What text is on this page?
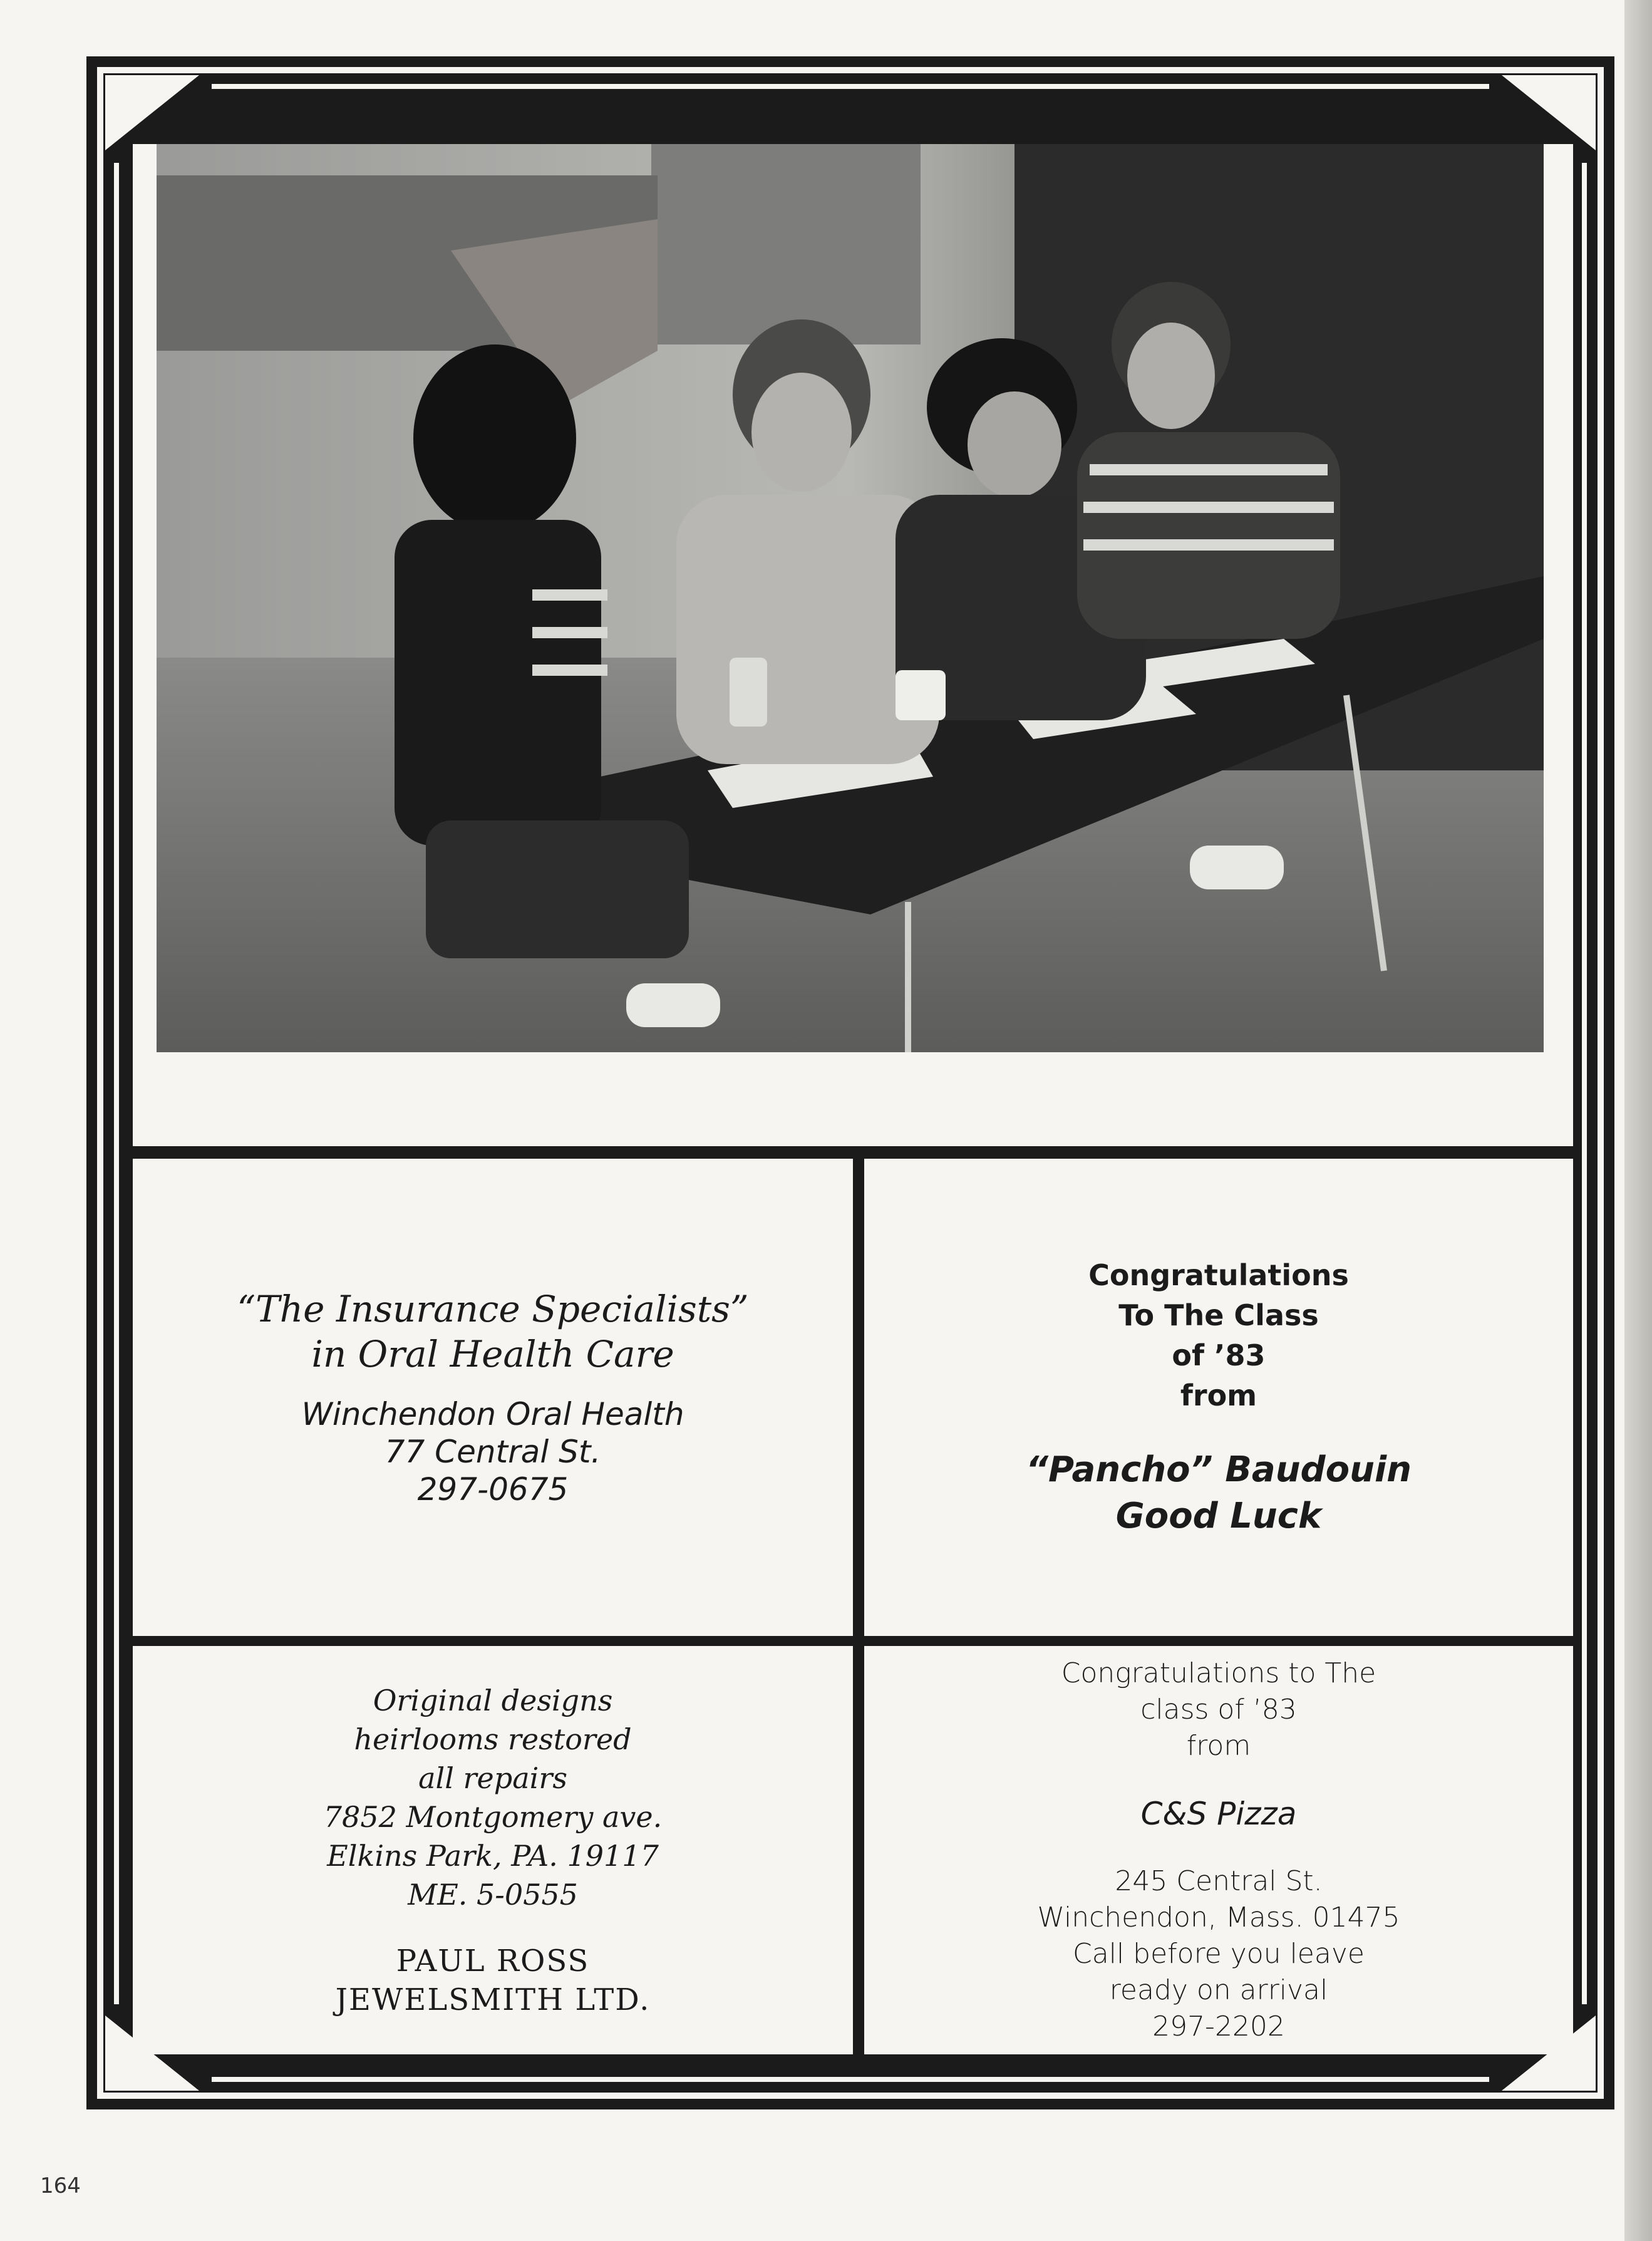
“The Insurance Specialists”
in Oral Health Care
Winchendon Oral Health
77 Central St.
297-0675
Congratulations
To The Class
of ’83
from
“Pancho” Baudouin
Good Luck
Original designs
heirlooms restored
all repairs
7852 Montgomery ave.
Elkins Park, PA. 19117
ME. 5-0555
PAUL ROSS
JEWELSMITH LTD.
Congratulations to The
class of ’83
from
C&S Pizza
245 Central St.
Winchendon, Mass. 01475
Call before you leave
ready on arrival
297-2202
164
